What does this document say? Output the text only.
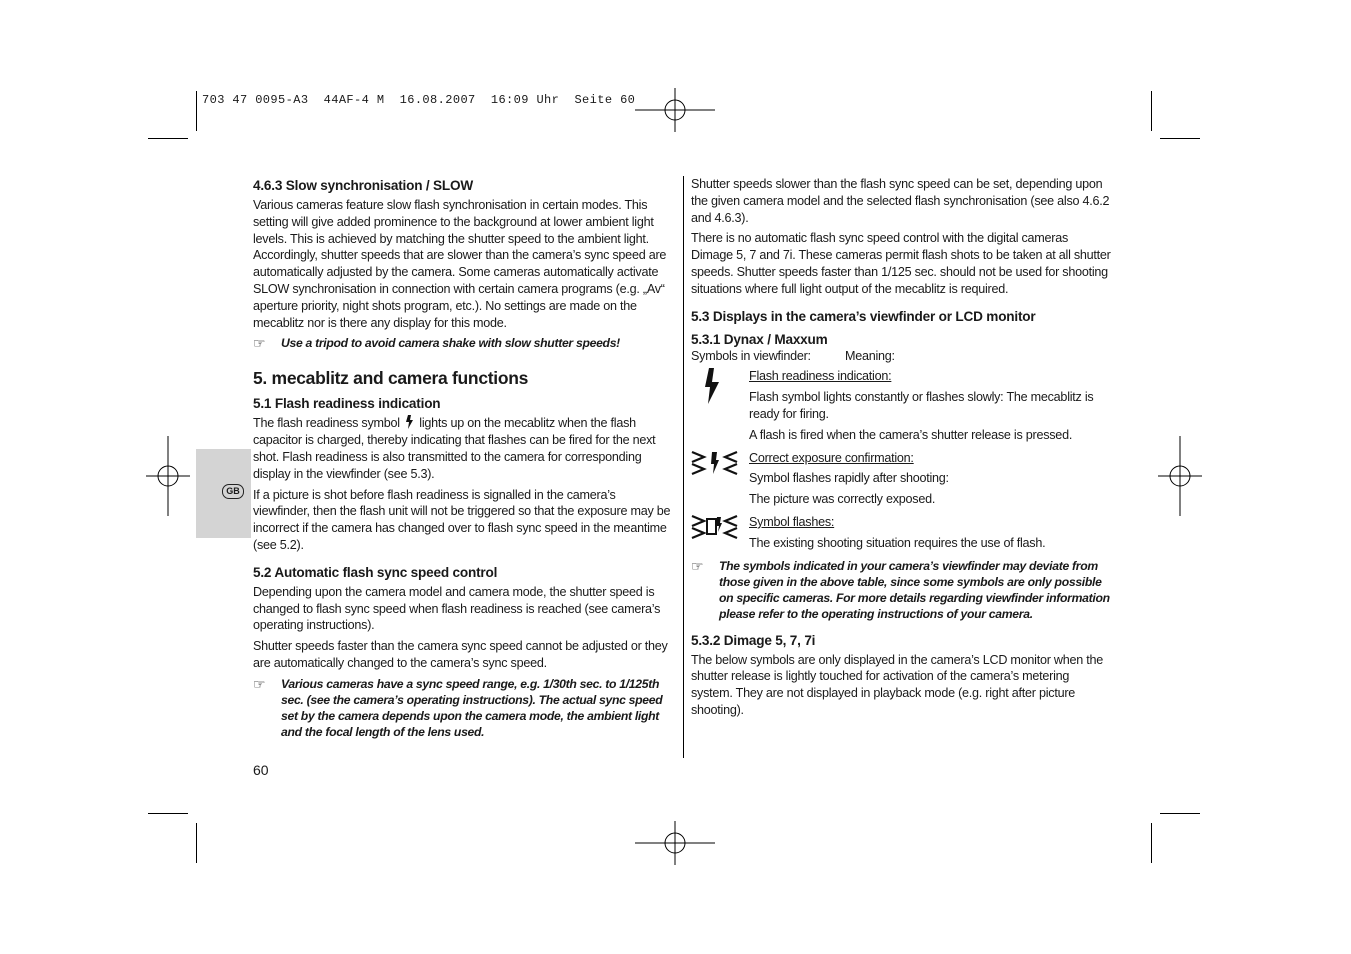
703 47 0095-A3  44AF-4 M  16.08.2007  16:09 Uhr  Seite 60
GB
4.6.3 Slow synchronisation / SLOW

Various cameras feature slow flash synchronisation in certain modes. This setting will give added prominence to the background at lower ambient light levels. This is achieved by matching the shutter speed to the ambient light. Accordingly, shutter speeds that are slower than the camera’s sync speed are automatically adjusted by the camera. Some cameras automatically activate SLOW synchronisation in connection with certain camera programs (e.g. „Av“ aperture priority, night shots program, etc.). No settings are made on the mecablitz nor is there any display for this mode.

☞	Use a tripod to avoid camera shake with slow shutter speeds!
5. mecablitz and camera functions
5.1 Flash readiness indication

The flash readiness symbol lights up on the mecablitz when the flash capacitor is charged, thereby indicating that flashes can be fired for the next shot. Flash readiness is also transmitted to the camera for corresponding display in the viewfinder (see 5.3).

If a picture is shot before flash readiness is signalled in the camera’s viewfinder, then the flash unit will not be triggered so that the exposure may be incorrect if the camera has changed over to flash sync speed in the meantime (see 5.2).

5.2 Automatic flash sync speed control

Depending upon the camera model and camera mode, the shutter speed is changed to flash sync speed when flash readiness is reached (see camera’s operating instructions).

Shutter speeds faster than the camera sync speed cannot be adjusted or they are automatically changed to the camera’s sync speed.

☞	Various cameras have a sync speed range, e.g. 1/30th sec. to 1/125th sec. (see the camera’s operating instructions). The actual sync speed set by the camera depends upon the camera mode, the ambient light and the focal length of the lens used.
60

Shutter speeds slower than the flash sync speed can be set, depending upon the given camera model and the selected flash synchronisation (see also 4.6.2 and 4.6.3).

There is no automatic flash sync speed control with the digital cameras Dimage 5, 7 and 7i. These cameras permit flash shots to be taken at all shutter speeds. Shutter speeds faster than 1/125 sec. should not be used for shooting situations where full light output of the mecablitz is required.

5.3 Displays in the camera’s viewfinder or LCD monitor
5.3.1 Dynax / Maxxum
Symbols in viewfinder:	Meaning:

Flash readiness indication:

Flash symbol lights constantly or flashes slowly: The mecablitz is ready for firing.

A flash is fired when the camera’s shutter release is pressed.

Correct exposure confirmation:

Symbol flashes rapidly after shooting:

The picture was correctly exposed.

Symbol flashes:

The existing shooting situation requires the use of flash.

☞	The symbols indicated in your camera’s viewfinder may deviate from those given in the above table, since some symbols are only possible on specific cameras. For more details regarding viewfinder information please refer to the operating instructions of your camera.
5.3.2 Dimage 5, 7, 7i

The below symbols are only displayed in the camera’s LCD monitor when the shutter release is lightly touched for activation of the camera’s metering system. They are not displayed in playback mode (e.g. right after picture shooting).
